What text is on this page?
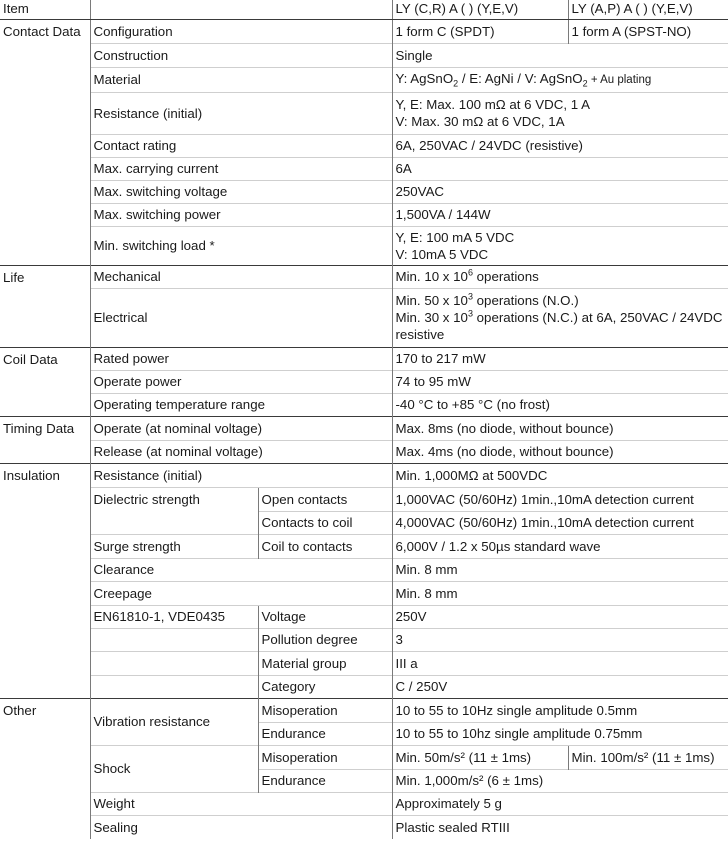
Item			LY (C,R) A ( ) (Y,E,V)	LY (A,P) A ( ) (Y,E,V)
Contact Data	Configuration		1 form C (SPDT)	1 form A (SPST-NO)
	Construction		Single	
	Material		Y: AgSnO$_2$ / E: AgNi / V: AgSnO$_2$ + Au plating	
	Resistance (initial)		Y, E: Max. 100 mΩ at 6 VDC, 1 A
V: Max. 30 mΩ at 6 VDC, 1A	

	Contact rating		6A, 250VAC / 24VDC (resistive)	
	Max. carrying current		6A	
	Max. switching voltage		250VAC	
	Max. switching power		1,500VA / 144W	
	Min. switching load *		Y, E: 100 mA 5 VDC
V: 10mA 5 VDC	

Life	Mechanical		Min. 10 x $10^6$ operations	
	Electrical		Min. 50 x $10^3$ operations (N.O.)
Min. 30 x $10^3$ operations (N.C.) at 6A, 250VAC / 24VDC
resistive	

Coil Data	Rated power		170 to 217 mW	
	Operate power		74 to 95 mW	
	Operating temperature range		-40 °C to +85 °C (no frost)	
Timing Data	Operate (at nominal voltage)		Max. 8ms (no diode, without bounce)	
	Release (at nominal voltage)		Max. 4ms (no diode, without bounce)	
Insulation	Resistance (initial)		Min. 1,000MΩ at 500VDC	
	Dielectric strength	Open contacts	1,000VAC (50/60Hz) 1min.,10mA detection current	
		Contacts to coil	4,000VAC (50/60Hz) 1min.,10mA detection current	
	Surge strength	Coil to contacts	6,000V / 1.2 x 50µs standard wave	
	Clearance		Min. 8 mm	
	Creepage		Min. 8 mm	
	EN61810-1, VDE0435	Voltage	250V	
		Pollution degree	3	
		Material group	III a	
		Category	C / 250V	
Other	Vibration resistance	Misoperation	10 to 55 to 10Hz single amplitude 0.5mm	
		Endurance	10 to 55 to 10hz single amplitude 0.75mm	
	Shock	Misoperation	Min. 50m/s² (11 ± 1ms)	Min. 100m/s² (11 ± 1ms)
		Endurance	Min. 1,000m/s² (6 ± 1ms)	
	Weight		Approximately 5 g	
	Sealing		Plastic sealed RTIII	
